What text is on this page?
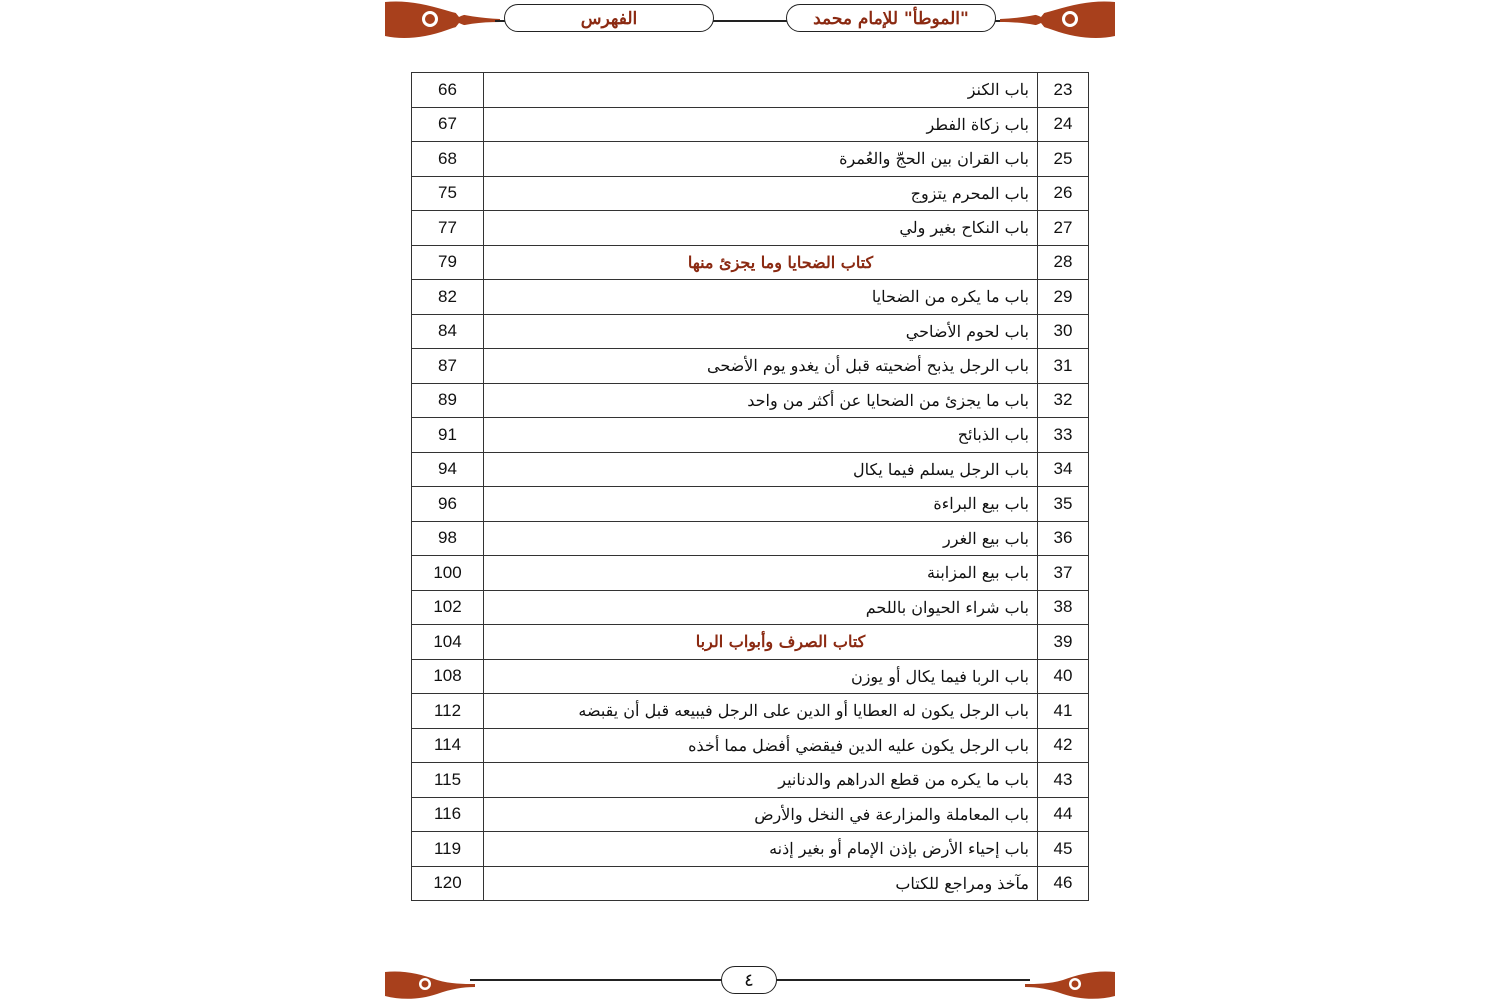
الفهرس	"الموطأ" للإمام محمد
23	باب الكنز	66
24	باب زكاة الفطر	67
25	باب القران بين الحجّ والعُمرة	68
26	باب المحرم يتزوج	75
27	باب النكاح بغير ولي	77
28	كتاب الضحايا وما يجزئ منها	79
29	باب ما يكره من الضحايا	82
30	باب لحوم الأضاحي	84
31	باب الرجل يذبح أضحيته قبل أن يغدو يوم الأضحى	87
32	باب ما يجزئ من الضحايا عن أكثر من واحد	89
33	باب الذبائح	91
34	باب الرجل يسلم فيما يكال	94
35	باب بيع البراءة	96
36	باب بيع الغرر	98
37	باب بيع المزابنة	100
38	باب شراء الحيوان باللحم	102
39	كتاب الصرف وأبواب الربا	104
40	باب الربا فيما يكال أو يوزن	108
41	باب الرجل يكون له العطايا أو الدين على الرجل فيبيعه قبل أن يقبضه	112
42	باب الرجل يكون عليه الدين فيقضي أفضل مما أخذه	114
43	باب ما يكره من قطع الدراهم والدنانير	115
44	باب المعاملة والمزارعة في النخل والأرض	116
45	باب إحياء الأرض بإذن الإمام أو بغير إذنه	119
46	مآخذ ومراجع للكتاب	120
٤
